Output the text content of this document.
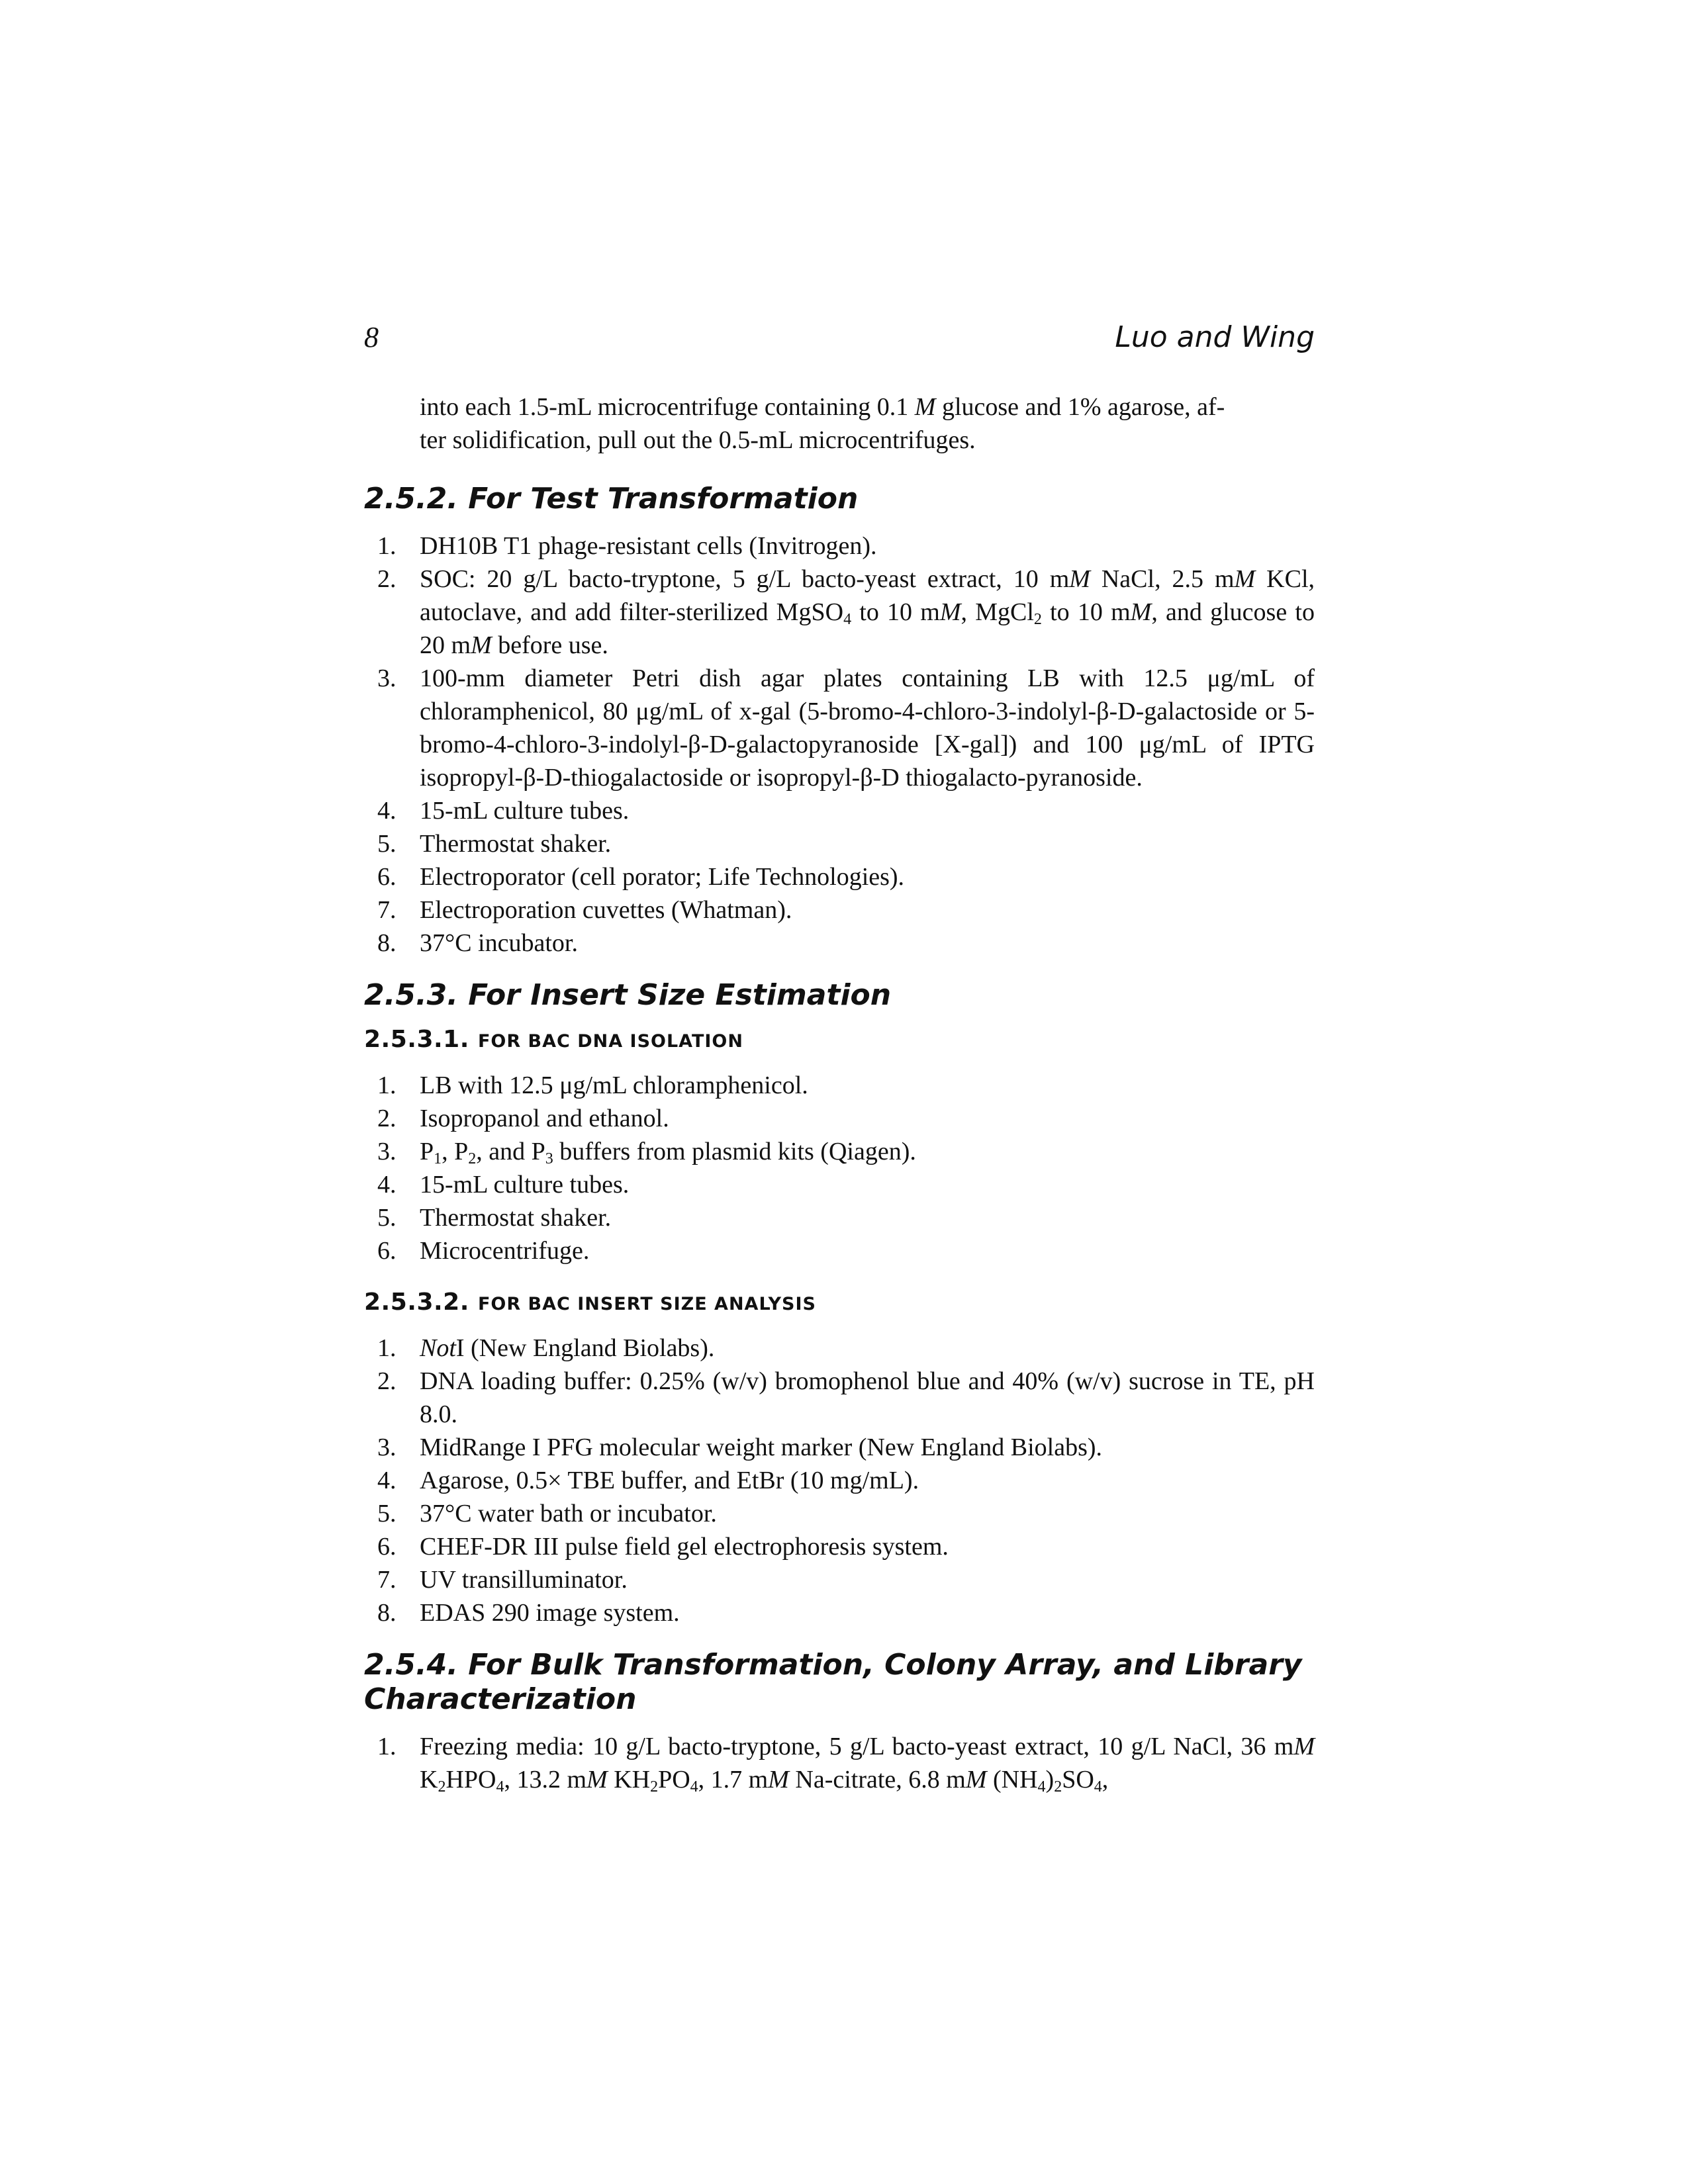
8	Luo and Wing

into each 1.5-mL microcentrifuge containing 0.1 M glucose and 1% agarose, af-
ter solidification, pull out the 0.5-mL microcentrifuges.

2.5.2. For Test Transformation
1. DH10B T1 phage-resistant cells (Invitrogen).
2. SOC: 20 g/L bacto-tryptone, 5 g/L bacto-yeast extract, 10 mM NaCl, 2.5 mM KCl, autoclave, and add filter-sterilized MgSO$_4$ to 10 mM, MgCl$_2$ to 10 mM, and glucose to 20 mM before use.
3. 100-mm diameter Petri dish agar plates containing LB with 12.5 μg/mL of chloramphenicol, 80 μg/mL of x-gal (5-bromo-4-chloro-3-indolyl-β-D-galactoside or 5-bromo-4-chloro-3-indolyl-β-D-galactopyranoside [X-gal]) and 100 μg/mL of IPTG isopropyl-β-D-thiogalactoside or isopropyl-β-D thiogalacto-pyranoside.
4. 15-mL culture tubes.
5. Thermostat shaker.
6. Electroporator (cell porator; Life Technologies).
7. Electroporation cuvettes (Whatman).
8. 37°C incubator.
2.5.3. For Insert Size Estimation
2.5.3.1. FOR BAC DNA ISOLATION
1. LB with 12.5 μg/mL chloramphenicol.
2. Isopropanol and ethanol.
3. $P_1$, $P_2$, and $P_3$ buffers from plasmid kits (Qiagen).
4. 15-mL culture tubes.
5. Thermostat shaker.
6. Microcentrifuge.
2.5.3.2. FOR BAC INSERT SIZE ANALYSIS
1. NotI (New England Biolabs).
2. DNA loading buffer: 0.25% (w/v) bromophenol blue and 40% (w/v) sucrose in TE, pH 8.0.
3. MidRange I PFG molecular weight marker (New England Biolabs).
4. Agarose, 0.5× TBE buffer, and EtBr (10 mg/mL).
5. 37°C water bath or incubator.
6. CHEF-DR III pulse field gel electrophoresis system.
7. UV transilluminator.
8. EDAS 290 image system.
2.5.4. For Bulk Transformation, Colony Array, and Library
Characterization
1. Freezing media: 10 g/L bacto-tryptone, 5 g/L bacto-yeast extract, 10 g/L NaCl, 36 mM $K_2HPO_4$, 13.2 mM $KH_2PO_4$, 1.7 mM Na-citrate, 6.8 mM $(NH_4)_2SO_4$,
